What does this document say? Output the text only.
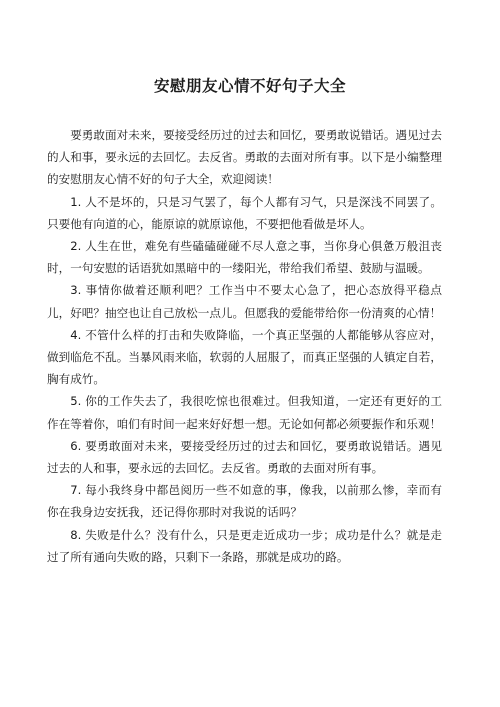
安慰朋友心情不好句子大全

要勇敢面对未来，要接受经历过的过去和回忆，要勇敢说错话。遇见过去的人和事，要永远的去回忆。去反省。勇敢的去面对所有事。以下是小编整理的安慰朋友心情不好的句子大全，欢迎阅读！

1. 人不是坏的，只是习气罢了，每个人都有习气，只是深浅不同罢了。只要他有向道的心，能原谅的就原谅他，不要把他看做是坏人。

2. 人生在世，难免有些磕磕碰碰不尽人意之事，当你身心俱惫万般沮丧时，一句安慰的话语犹如黑暗中的一缕阳光，带给我们希望、鼓励与温暖。

3. 事情你做着还顺利吧？工作当中不要太心急了，把心态放得平稳点儿，好吧？抽空也让自己放松一点儿。但愿我的爱能带给你一份清爽的心情！

4. 不管什么样的打击和失败降临，一个真正坚强的人都能够从容应对，做到临危不乱。当暴风雨来临，软弱的人屈服了，而真正坚强的人镇定自若，胸有成竹。

5. 你的工作失去了，我很吃惊也很难过。但我知道，一定还有更好的工作在等着你，咱们有时间一起来好好想一想。无论如何都必须要振作和乐观！

6. 要勇敢面对未来，要接受经历过的过去和回忆，要勇敢说错话。遇见过去的人和事，要永远的去回忆。去反省。勇敢的去面对所有事。

7. 每小我终身中都邑阅历一些不如意的事，像我，以前那么惨，幸而有你在我身边安抚我，还记得你那时对我说的话吗？

8. 失败是什么？没有什么，只是更走近成功一步；成功是什么？就是走过了所有通向失败的路，只剩下一条路，那就是成功的路。
